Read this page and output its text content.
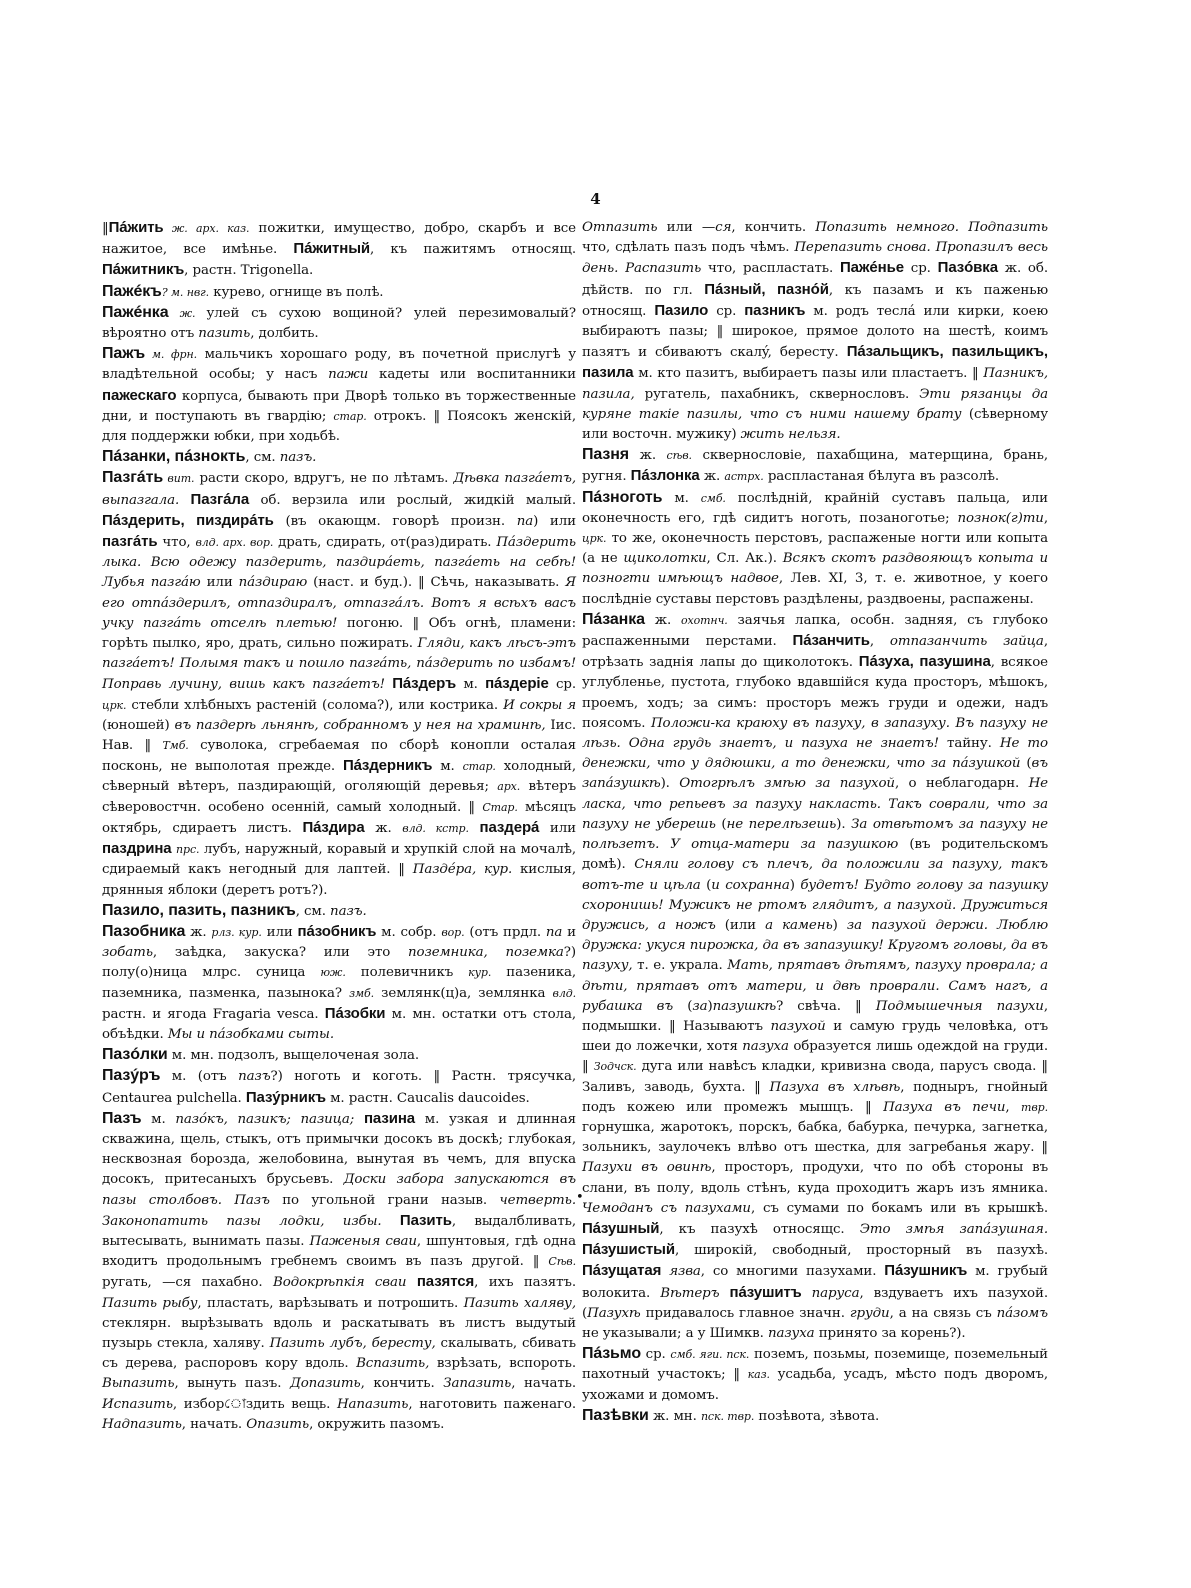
4

‖Пáжить ж. арх. каз. пожитки, имущество, добро, скарбъ и все нажитое, все имѣнье. Пáжитный, къ пажитямъ относящ. Пáжитникъ, растн. Trigonella.

Пажéкъ? м. нвг. курево, огнище въ полѣ.

Пажéнка ж. улей съ сухою вощиной? улей перезимовалый? вѣроятно отъ пазить, долбить.

Пажъ м. фрн. мальчикъ хорошаго роду, въ почетной прислугѣ у владѣтельной особы; у насъ пажи кадеты или воспитанники пажескаго корпуса, бывають при Дворѣ только въ торжественные дни, и поступають въ гвардію; стар. отрокъ. ‖ Поясокъ женскій, для поддержки юбки, при ходьбѣ.

Пáзанки, пáзнокть, см. пазъ.

Пазгáть вит. расти скоро, вдругъ, не по лѣтамъ. Дѣвка пазгáетъ, выпазгала. Пазгáла об. верзила или рослый, жидкій малый. Пáздерить, пиздирáть (въ окающм. говорѣ произн. па) или пазгáть что, влд. арх. вор. драть, сдирать, от(раз)дирать. Пáздерить лыка. Всю одежу паздерить, паздирáеть, пазгáеть на себѣ! Лубья пазгáю или пáздираю (наст. и буд.). ‖ Сѣчь, наказывать. Я его отпáздерилъ, отпаздиралъ, отпазгáлъ. Вотъ я всѣхъ васъ учку пазгáть отселѣ плетью! погоню. ‖ Объ огнѣ, пламени: горѣть пылко, яро, драть, сильно пожирать. Гляди, какъ лѣсъ-этъ пазгáетъ! Полымя такъ и пошло пазгáть, пáздерить по избамъ! Поправь лучину, вишь какъ пазгáетъ! Пáздеръ м. пáздеріе ср. црк. стебли хлѣбныхъ растеній (солома?), или кострика. И сокры я (юношей) въ паздерѣ льнянѣ, собранномъ у нея на храминѣ, Іис. Нав. ‖ Тмб. суволока, сгребаемая по сборѣ конопли осталая посконь, не выполотая прежде. Пáздерникъ м. стар. холодный, сѣверный вѣтеръ, паздирающій, оголяющій деревья; арх. вѣтеръ сѣверовостчн. особено осенній, самый холодный. ‖ Стар. мѣсяцъ октябрь, сдираетъ листъ. Пáздира ж. влд. кстр. паздерá или паздрина прс. лубъ, наружный, коравый и хрупкій слой на мочалѣ, сдираемый какъ негодный для лаптей. ‖ Паздéра, кур. кислыя, дрянныя яблоки (деретъ ротъ?).

Пазило, пазить, пазникъ, см. пазъ.

Пазобника ж. рлз. кур. или пáзобникъ м. собр. вор. (отъ прдл. па и зобать, заѣдка, закуска? или это поземника, поземка?) полу(о)ница млрс. суница юж. полевичникъ кур. пазеника, паземника, пазменка, пазынока? змб. землянк(ц)а, землянка влд. растн. и ягода Fragaria vesca. Пáзобки м. мн. остатки отъ стола, объѣдки. Мы и пáзобками сыты.

Пазóлки м. мн. подзолъ, выщелоченая зола.

Пазýръ м. (отъ пазъ?) ноготь и коготь. ‖ Растн. трясучка, Centaurea pulchella. Пазýрникъ м. растн. Caucalis daucoides.

Пазъ м. пазóкъ, пазикъ; пазица; пазина м. узкая и длинная скважина, щель, стыкъ, отъ примычки досокъ въ доскѣ; глубокая, несквозная борозда, желобовина, вынутая въ чемъ, для впуска досокъ, притесаныхъ брусьевъ. Доски забора запускаются въ пазы столбовъ. Пазъ по угольной грани назыв. четверть. Законопатить пазы лодки, избы. Пазить, выдалбливать, вытесывать, вынимать пазы. Паженыя сваи, шпунтовыя, гдѣ одна входитъ продольнымъ гребнемъ своимъ въ пазъ другой. ‖ Сѣв. ругать, —ся пахабно. Водокрѣпкія сваи пазятся, ихъ пазятъ. Пазить рыбу, пластать, варѣзывать и потрошить. Пазить халяву, стеклярн. вырѣзывать вдоль и раскатывать въ листъ выдутый пузырь стекла, халяву. Пазить лубъ, бересту, скалывать, сбивать съ дерева, распоровъ кору вдоль. Вспазить, взрѣзать, вспороть. Выпазить, вынуть пазъ. Допазить, кончить. Запазить, начать. Испазить, изборোздить вещь. Напазить, наготовить паженаго. Надпазить, начать. Опазить, окружить пазомъ.

Отпазить или —ся, кончить. Попазить немного. Подпазить что, сдѣлать пазъ подъ чѣмъ. Перепазить снова. Пропазилъ весь день. Распазить что, распластать. Пажéнье ср. Пазóвка ж. об. дѣйств. по гл. Пáзный, пазнóй, къ пазамъ и къ паженью относящ. Пазило ср. пазникъ м. родъ теслá или кирки, коею выбираютъ пазы; ‖ широкое, прямое долото на шестѣ, коимъ пазятъ и сбиваютъ скалý, бересту. Пáзальщикъ, пазильщикъ, пазила м. кто пазитъ, выбираетъ пазы или пластаетъ. ‖ Пазникъ, пазила, ругатель, пахабникъ, сквернословъ. Эти рязанцы да куряне такіе пазилы, что съ ними нашему брату (сѣверному или восточн. мужику) жить нельзя.

Пазня ж. сѣв. сквернословіе, пахабщина, матерщина, брань, ругня. Пáзлонка ж. астрх. распластаная бѣлуга въ разсолѣ.

Пáзноготь м. смб. послѣдній, крайній суставъ пальца, или оконечность его, гдѣ сидитъ ноготь, позаноготье; познок(г)ти, црк. то же, оконечность перстовъ, распаженые ногти или копыта (а не щиколотки, Сл. Ак.). Всякъ скотъ раздвояющъ копыта и позногти имѣющъ надвое, Лев. XI, 3, т. е. животное, у коего послѣдніе суставы перстовъ раздѣлены, раздвоены, распажены.

Пáзанка ж. охотнч. заячья лапка, особн. задняя, съ глубоко распаженными перстами. Пáзанчить, отпазанчить зайца, отрѣзать заднія лапы до щиколотокъ. Пáзуха, пазушина, всякое углубленье, пустота, глубоко вдавшійся куда просторъ, мѣшокъ, проемъ, ходъ; за симъ: просторъ межъ груди и одежи, надъ поясомъ. Положи-ка краюху въ пазуху, в запазуху. Въ пазуху не лѣзь. Одна грудь знаетъ, и пазуха не знаетъ! тайну. Не то денежки, что у дядюшки, а то денежки, что за пáзушкой (въ запáзушкѣ). Отогрѣлъ змѣю за пазухой, о неблагодарн. Не ласка, что репьевъ за пазуху накласть. Такъ соврали, что за пазуху не уберешь (не перелѣзешь). За отвѣтомъ за пазуху не полѣзетъ. У отца-матери за пазушкою (въ родительскомъ домѣ). Сняли голову съ плечъ, да положили за пазуху, такъ вотъ-те и цѣла (и сохранна) будетъ! Будто голову за пазушку схоронишь! Мужикъ не ртомъ глядитъ, а пазухой. Дружиться дружись, а ножъ (или а камень) за пазухой держи. Люблю дружка: укуся пирожка, да въ запазушку! Кругомъ головы, да въ пазуху, т. е. украла. Мать, прятавъ дѣтямъ, пазуху проврала; а дѣти, прятавъ отъ матери, и двѣ проврали. Самъ нагъ, а рубашка въ (за)пазушкѣ? свѣча. ‖ Подмышечныя пазухи, подмышки. ‖ Называютъ пазухой и самую грудь человѣка, отъ шеи до ложечки, хотя пазуха образуется лишь одеждой на груди. ‖ Зодчск. дуга или навѣсъ кладки, кривизна свода, парусъ свода. ‖ Заливъ, заводь, бухта. ‖ Пазуха въ хлѣвѣ, подныръ, гнойный подъ кожею или промежъ мышцъ. ‖ Пазуха въ печи, твр. горнушка, жаротокъ, порскъ, бабка, бабурка, печурка, загнетка, зольникъ, заулочекъ влѣво отъ шестка, для загребанья жару. ‖ Пазухи въ овинѣ, просторъ, продухи, что по обѣ стороны въ слани, въ полу, вдоль стѣнъ, куда проходитъ жаръ изъ ямника. Чемоданъ съ пазухами, съ сумами по бокамъ или въ крышкѣ. Пáзушный, къ пазухѣ относящс. Это змѣя запáзушная. Пáзушистый, широкій, свободный, просторный въ пазухѣ. Пáзущатая язва, со многими пазухами. Пáзушникъ м. грубый волокита. Вѣтеръ пáзушитъ паруса, вздуваетъ ихъ пазухой. (Пазухѣ придавалось главное значн. груди, а на связь съ пáзомъ не указывали; а у Шимкв. пазуха принято за корень?).

Пáзьмо ср. смб. яги. пск. поземъ, позьмы, поземище, поземельный пахотный участокъ; ‖ каз. усадьба, усадъ, мѣсто подъ дворомъ, ухожами и домомъ.

Пазѣвки ж. мн. пск. твр. позѣвота, зѣвота.

•
